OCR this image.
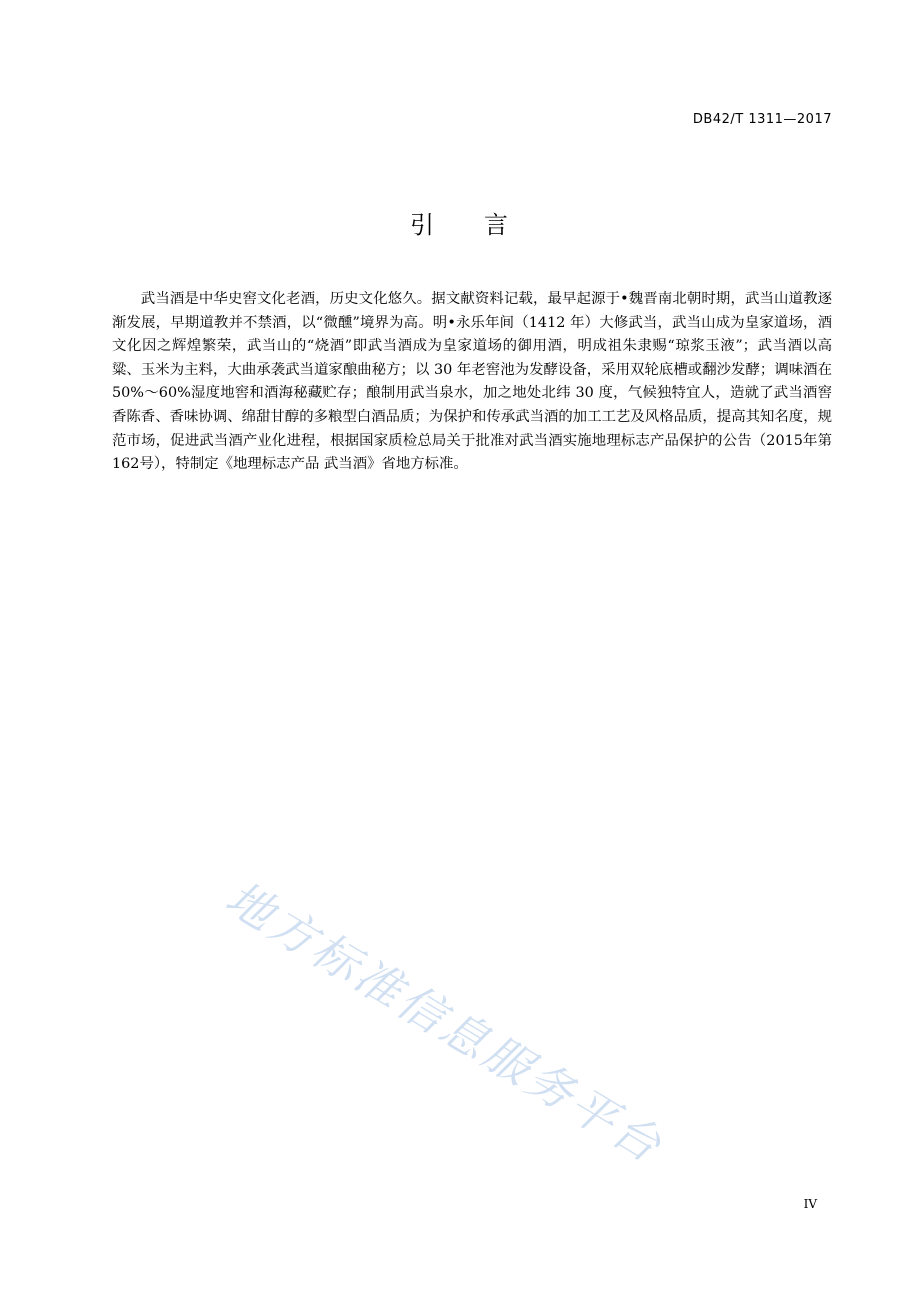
DB42/T 1311—2017
引 言

武当酒是中华史窖文化老酒，历史文化悠久。据文献资料记载，最早起源于•魏晋南北朝时期，武当山道教逐渐发展，早期道教并不禁酒，以“微醺”境界为高。明•永乐年间（1412 年）大修武当，武当山成为皇家道场，酒文化因之辉煌繁荣，武当山的“烧酒”即武当酒成为皇家道场的御用酒，明成祖朱隶赐“琼浆玉液”；武当酒以高粱、玉米为主料，大曲承袭武当道家酿曲秘方；以 30 年老窖池为发酵设备，采用双轮底槽或翻沙发酵；调味酒在 50%～60%湿度地窖和酒海秘藏贮存；酿制用武当泉水，加之地处北纬 30 度，气候独特宜人，造就了武当酒窖香陈香、香味协调、绵甜甘醇的多粮型白酒品质；为保护和传承武当酒的加工工艺及风格品质，提高其知名度，规范市场，促进武当酒产业化进程，根据国家质检总局关于批准对武当酒实施地理标志产品保护的公告（2015年第162号），特制定《地理标志产品 武当酒》省地方标准。

地方标准信息服务平台
IV
